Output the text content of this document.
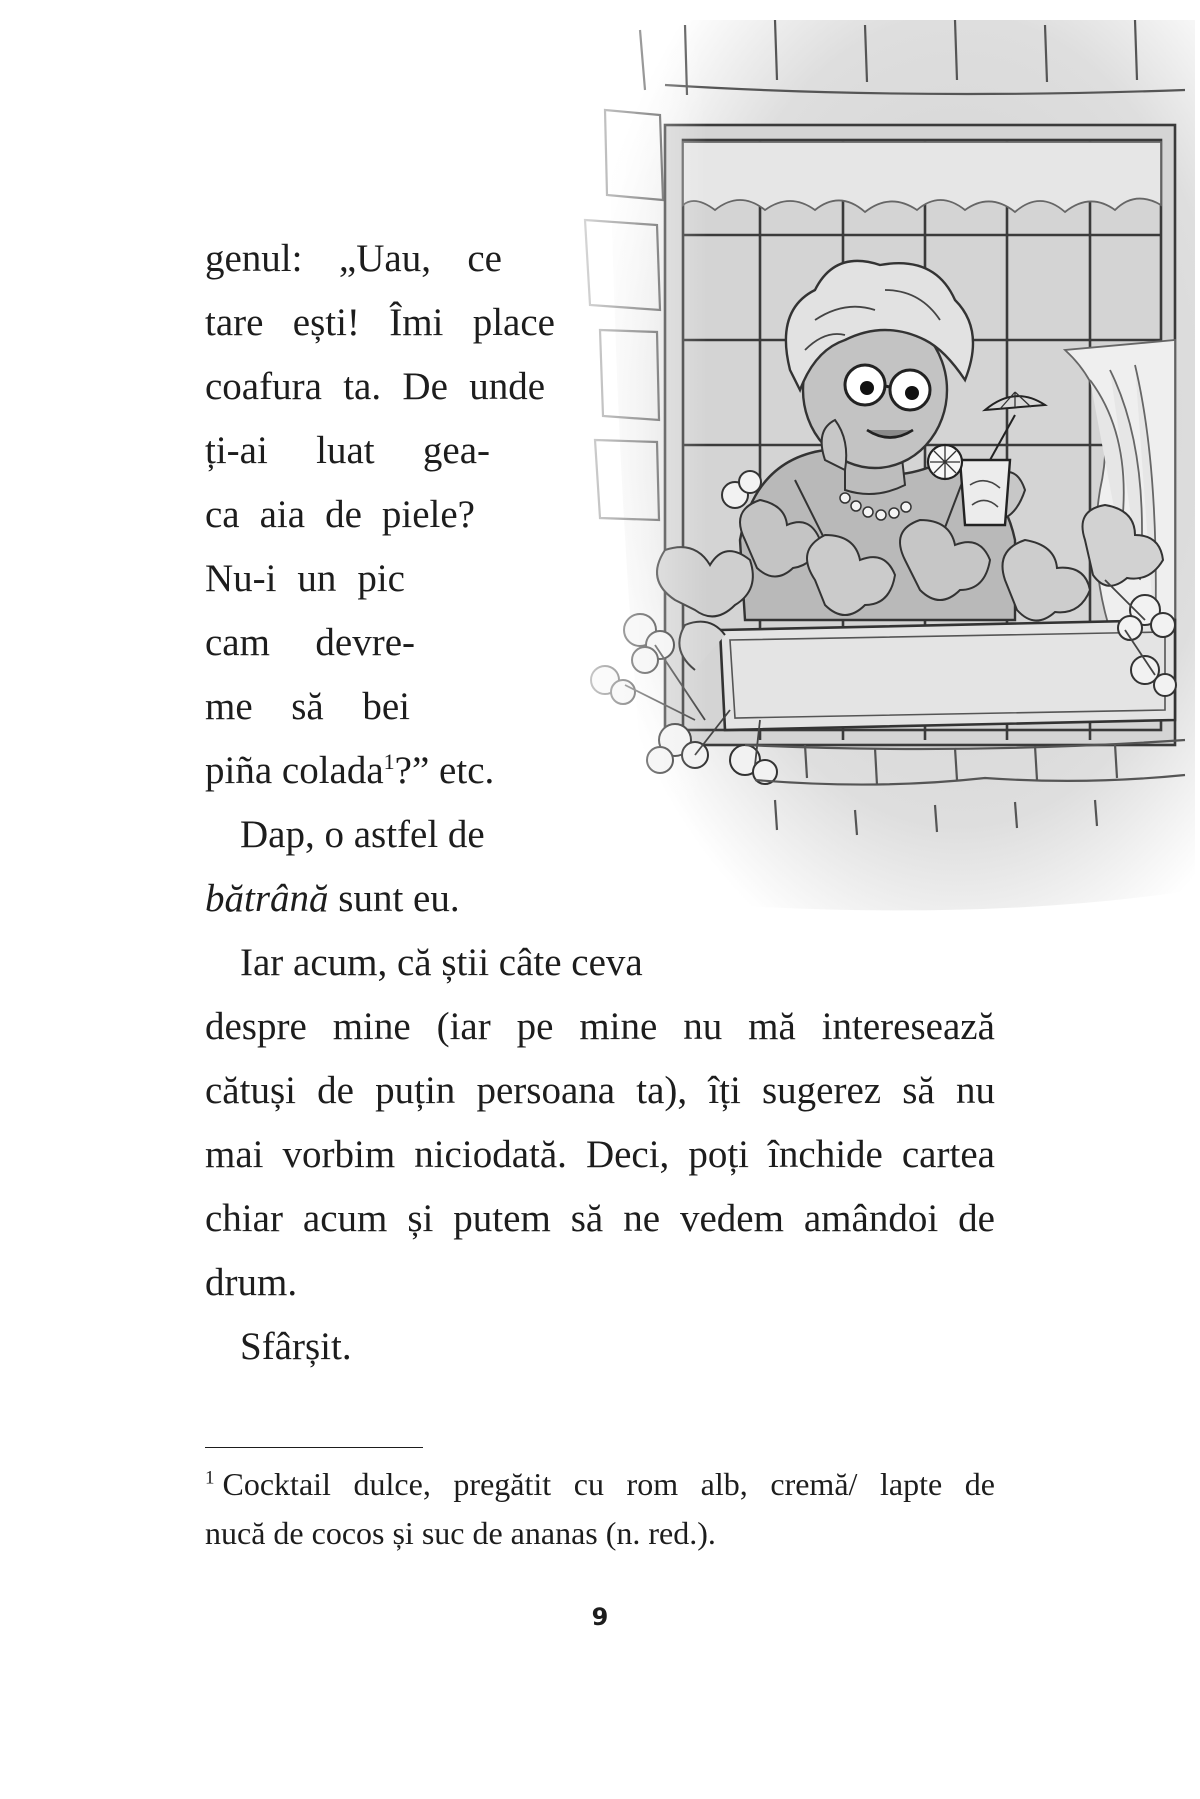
genul: „Uau, ce
tare ești! Îmi place
coafura ta. De unde
ți-ai luat gea-
ca aia de piele?
Nu-i un pic
cam devre-
me să bei
piña colada$^1$?” etc.
Dap, o astfel de
bătrână sunt eu.
Iar acum, că știi câte ceva
despre mine (iar pe mine nu mă interesează
cătuși de puțin persoana ta), îți sugerez să nu
mai vorbim niciodată. Deci, poți închide cartea
chiar acum și putem să ne vedem amândoi de
drum.
Sfârșit.
$^1$ Cocktail dulce, pregătit cu rom alb, cremă/ lapte de
nucă de cocos și suc de ananas (n. red.).
9
